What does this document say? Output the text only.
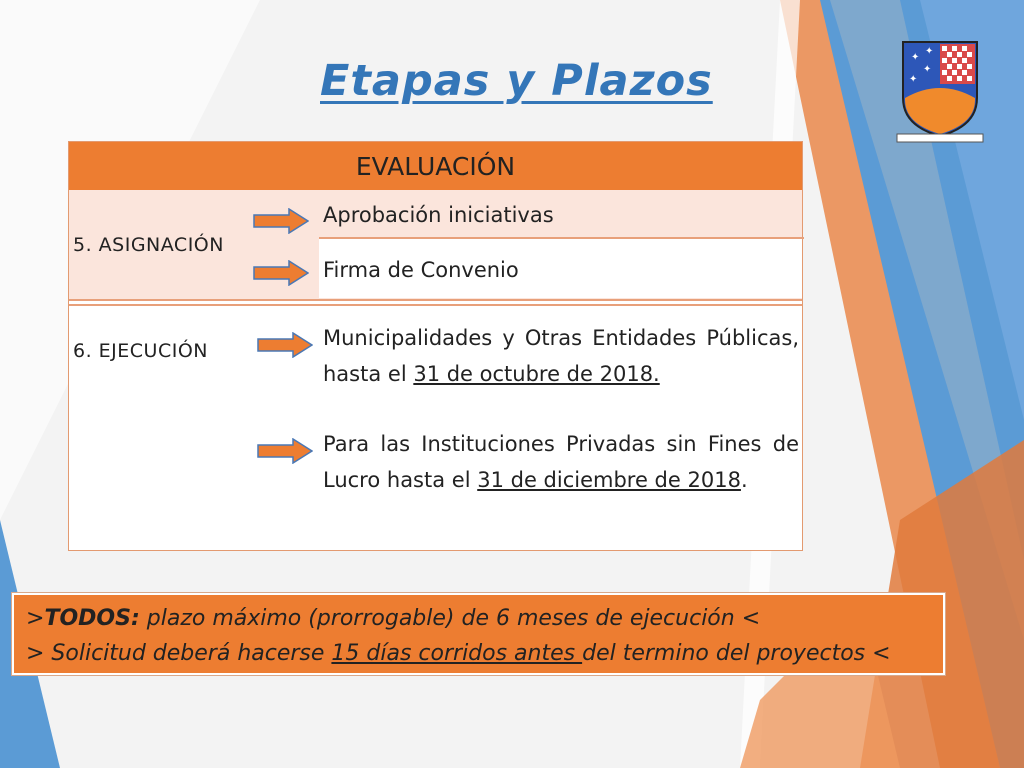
Etapas y Plazos	✦
✦
✦
✦
EVALUACIÓN
5. ASIGNACIÓN
Aprobación iniciativas
Firma de Convenio
6. EJECUCIÓN
Municipalidades y Otras Entidades Públicas, hasta el 31 de octubre de 2018.
Para las Instituciones Privadas sin Fines de Lucro hasta el 31 de diciembre de 2018.
>TODOS: plazo máximo (prorrogable) de 6 meses de ejecución <
> Solicitud deberá hacerse 15 días corridos antes del termino del proyectos <
